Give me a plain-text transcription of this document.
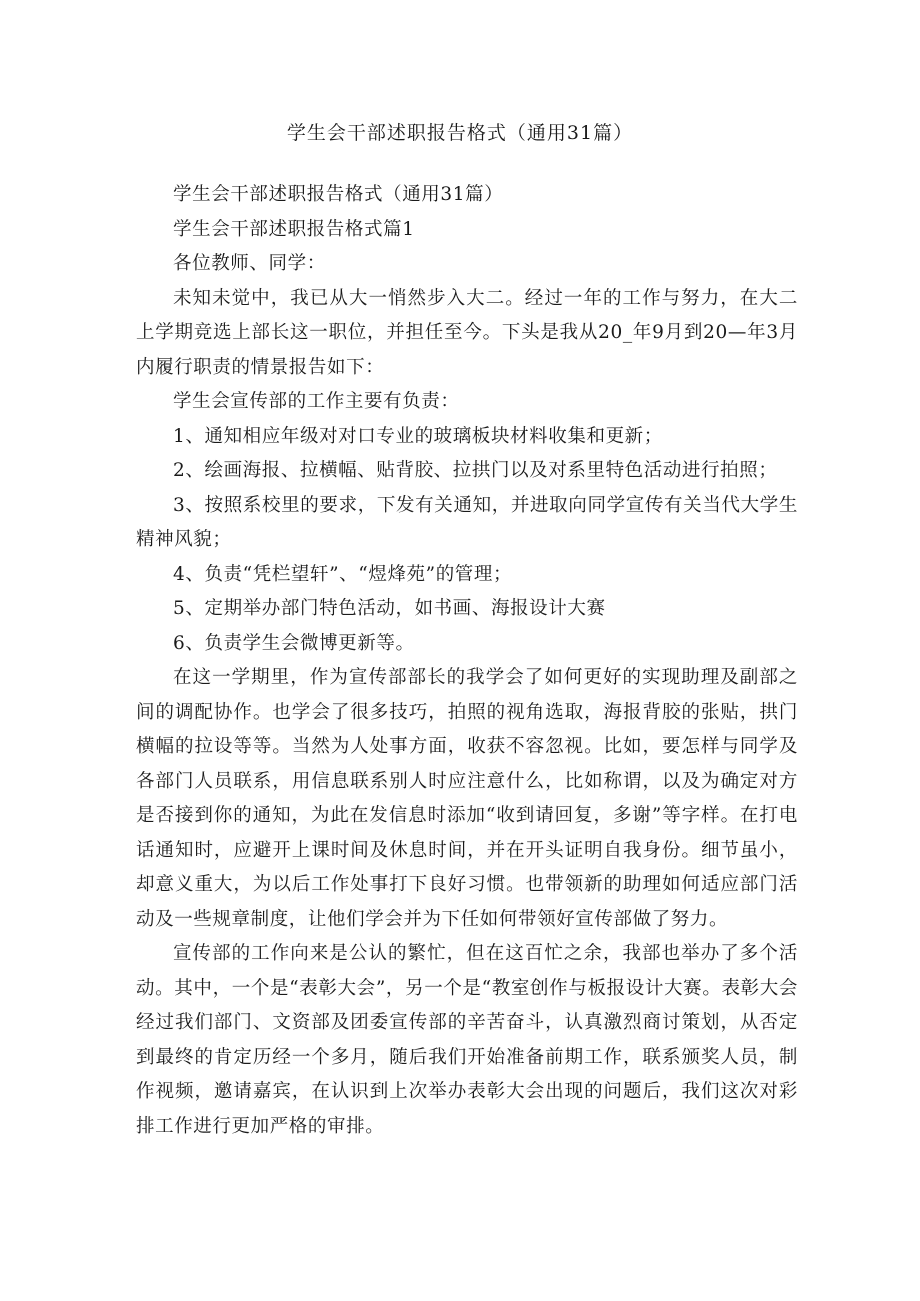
学生会干部述职报告格式（通用31篇）

学生会干部述职报告格式（通用31篇）

学生会干部述职报告格式篇1

各位教师、同学：

未知未觉中，我已从大一悄然步入大二。经过一年的工作与努力，在大二上学期竞选上部长这一职位，并担任至今。下头是我从20_年9月到20—年3月内履行职责的情景报告如下：

学生会宣传部的工作主要有负责：

1、通知相应年级对对口专业的玻璃板块材料收集和更新；

2、绘画海报、拉横幅、贴背胶、拉拱门以及对系里特色活动进行拍照；

3、按照系校里的要求，下发有关通知，并进取向同学宣传有关当代大学生精神风貌；

4、负责“凭栏望轩”、“煜烽苑”的管理；

5、定期举办部门特色活动，如书画、海报设计大赛

6、负责学生会微博更新等。

在这一学期里，作为宣传部部长的我学会了如何更好的实现助理及副部之间的调配协作。也学会了很多技巧，拍照的视角选取，海报背胶的张贴，拱门横幅的拉设等等。当然为人处事方面，收获不容忽视。比如，要怎样与同学及各部门人员联系，用信息联系别人时应注意什么，比如称谓，以及为确定对方是否接到你的通知，为此在发信息时添加“收到请回复，多谢”等字样。在打电话通知时，应避开上课时间及休息时间，并在开头证明自我身份。细节虽小，却意义重大，为以后工作处事打下良好习惯。也带领新的助理如何适应部门活动及一些规章制度，让他们学会并为下任如何带领好宣传部做了努力。

宣传部的工作向来是公认的繁忙，但在这百忙之余，我部也举办了多个活动。其中，一个是“表彰大会”，另一个是“教室创作与板报设计大赛。表彰大会经过我们部门、文资部及团委宣传部的辛苦奋斗，认真激烈商讨策划，从否定到最终的肯定历经一个多月，随后我们开始准备前期工作，联系颁奖人员，制作视频，邀请嘉宾，在认识到上次举办表彰大会出现的问题后，我们这次对彩排工作进行更加严格的审排。
